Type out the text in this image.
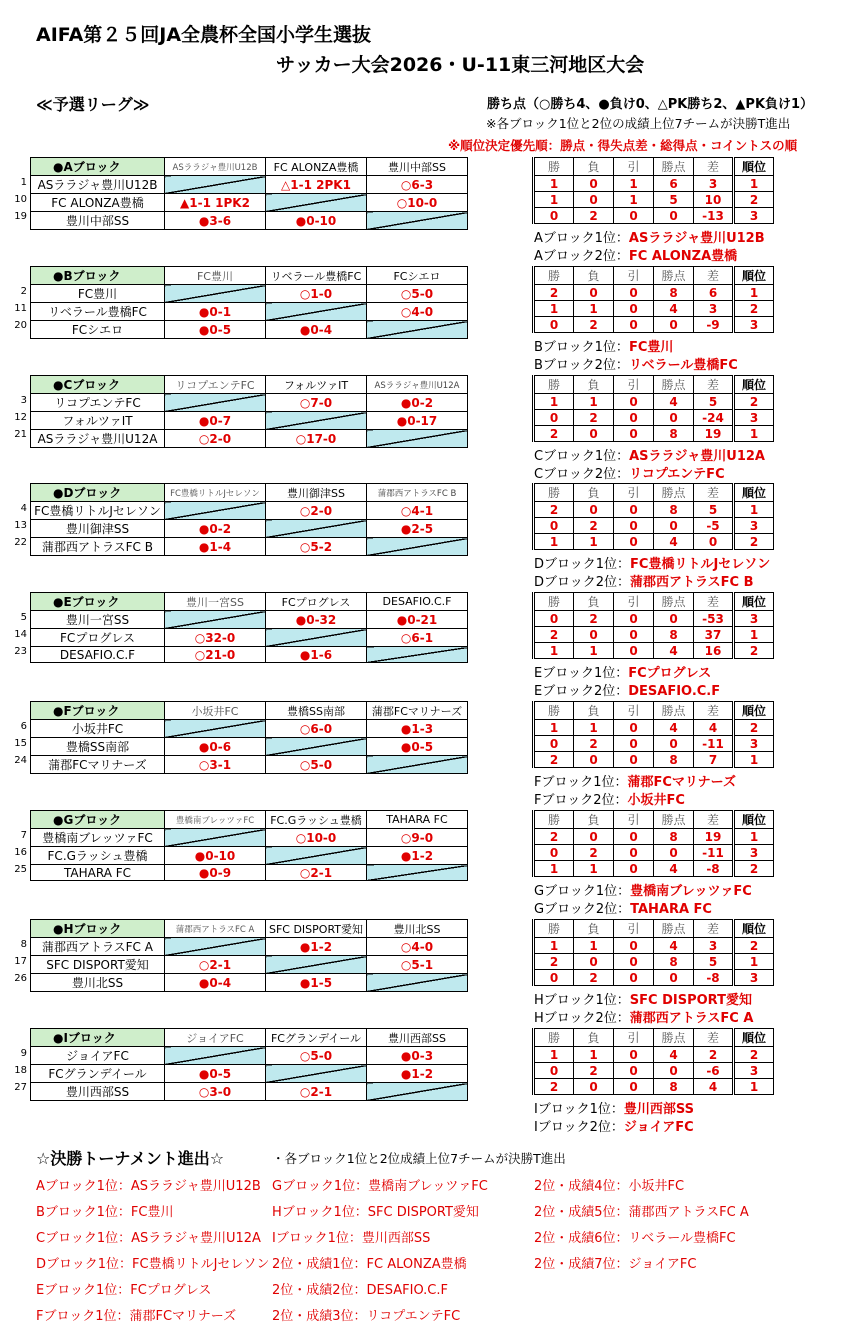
AIFA第２５回JA全農杯全国小学生選抜
サッカー大会2026・U-11東三河地区大会
≪予選リーグ≫	勝ち点（○勝ち4、●負け0、△PK勝ち2、▲PK負け1）
※各ブロック1位と2位の成績上位7チームが決勝T進出
※順位決定優先順：勝点・得失点差・総得点・コイントスの順
1
10
19
●Aブロック	ASララジャ豊川U12B	FC ALONZA豊橋	豊川中部SS
ASララジャ豊川U12B		△1-1 2PK1	○6-3
FC ALONZA豊橋	▲1-1 1PK2		○10-0
豊川中部SS	●3-6	●0-10	
勝	負	引	勝点	差	順位
1	0	1	6	3	1
1	0	1	5	10	2
0	2	0	0	-13	3
Aブロック1位：ASララジャ豊川U12B
Aブロック2位：FC ALONZA豊橋
2
11
20
●Bブロック	FC豊川	リベラール豊橋FC	FCシエロ
FC豊川		○1-0	○5-0
リベラール豊橋FC	●0-1		○4-0
FCシエロ	●0-5	●0-4	
勝	負	引	勝点	差	順位
2	0	0	8	6	1
1	1	0	4	3	2
0	2	0	0	-9	3
Bブロック1位：FC豊川
Bブロック2位：リベラール豊橋FC
3
12
21
●Cブロック	リコプエンテFC	フォルツァIT	ASララジャ豊川U12A
リコプエンテFC		○7-0	●0-2
フォルツァIT	●0-7		●0-17
ASララジャ豊川U12A	○2-0	○17-0	
勝	負	引	勝点	差	順位
1	1	0	4	5	2
0	2	0	0	-24	3
2	0	0	8	19	1
Cブロック1位：ASララジャ豊川U12A
Cブロック2位：リコプエンテFC
4
13
22
●Dブロック	FC豊橋リトルJセレソン	豊川御津SS	蒲郡西アトラスFC B
FC豊橋リトルJセレソン		○2-0	○4-1
豊川御津SS	●0-2		●2-5
蒲郡西アトラスFC B	●1-4	○5-2	
勝	負	引	勝点	差	順位
2	0	0	8	5	1
0	2	0	0	-5	3
1	1	0	4	0	2
Dブロック1位：FC豊橋リトルJセレソン
Dブロック2位：蒲郡西アトラスFC B
5
14
23
●Eブロック	豊川一宮SS	FCプログレス	DESAFIO.C.F
豊川一宮SS		●0-32	●0-21
FCプログレス	○32-0		○6-1
DESAFIO.C.F	○21-0	●1-6	
勝	負	引	勝点	差	順位
0	2	0	0	-53	3
2	0	0	8	37	1
1	1	0	4	16	2
Eブロック1位：FCプログレス
Eブロック2位：DESAFIO.C.F
6
15
24
●Fブロック	小坂井FC	豊橋SS南部	蒲郡FCマリナーズ
小坂井FC		○6-0	●1-3
豊橋SS南部	●0-6		●0-5
蒲郡FCマリナーズ	○3-1	○5-0	
勝	負	引	勝点	差	順位
1	1	0	4	4	2
0	2	0	0	-11	3
2	0	0	8	7	1
Fブロック1位：蒲郡FCマリナーズ
Fブロック2位：小坂井FC
7
16
25
●Gブロック	豊橋南ブレッツァFC	FC.Gラッシュ豊橋	TAHARA FC
豊橋南ブレッツァFC		○10-0	○9-0
FC.Gラッシュ豊橋	●0-10		●1-2
TAHARA FC	●0-9	○2-1	
勝	負	引	勝点	差	順位
2	0	0	8	19	1
0	2	0	0	-11	3
1	1	0	4	-8	2
Gブロック1位：豊橋南ブレッツァFC
Gブロック2位：TAHARA FC
8
17
26
●Hブロック	蒲郡西アトラスFC A	SFC DISPORT愛知	豊川北SS
蒲郡西アトラスFC A		●1-2	○4-0
SFC DISPORT愛知	○2-1		○5-1
豊川北SS	●0-4	●1-5	
勝	負	引	勝点	差	順位
1	1	0	4	3	2
2	0	0	8	5	1
0	2	0	0	-8	3
Hブロック1位：SFC DISPORT愛知
Hブロック2位：蒲郡西アトラスFC A
9
18
27
●Iブロック	ジョイアFC	FCグランデイール	豊川西部SS
ジョイアFC		○5-0	●0-3
FCグランデイール	●0-5		●1-2
豊川西部SS	○3-0	○2-1	
勝	負	引	勝点	差	順位
1	1	0	4	2	2
0	2	0	0	-6	3
2	0	0	8	4	1
Iブロック1位：豊川西部SS
Iブロック2位：ジョイアFC
☆決勝トーナメント進出☆	・各ブロック1位と2位成績上位7チームが決勝T進出
Aブロック1位：ASララジャ豊川U12B
Bブロック1位：FC豊川
Cブロック1位：ASララジャ豊川U12A
Dブロック1位：FC豊橋リトルJセレソン
Eブロック1位：FCプログレス
Fブロック1位：蒲郡FCマリナーズ
Gブロック1位：豊橋南ブレッツァFC
Hブロック1位：SFC DISPORT愛知
Iブロック1位：豊川西部SS
2位・成績1位：FC ALONZA豊橋
2位・成績2位：DESAFIO.C.F
2位・成績3位：リコプエンテFC
2位・成績4位：小坂井FC
2位・成績5位：蒲郡西アトラスFC A
2位・成績6位：リベラール豊橋FC
2位・成績7位：ジョイアFC
